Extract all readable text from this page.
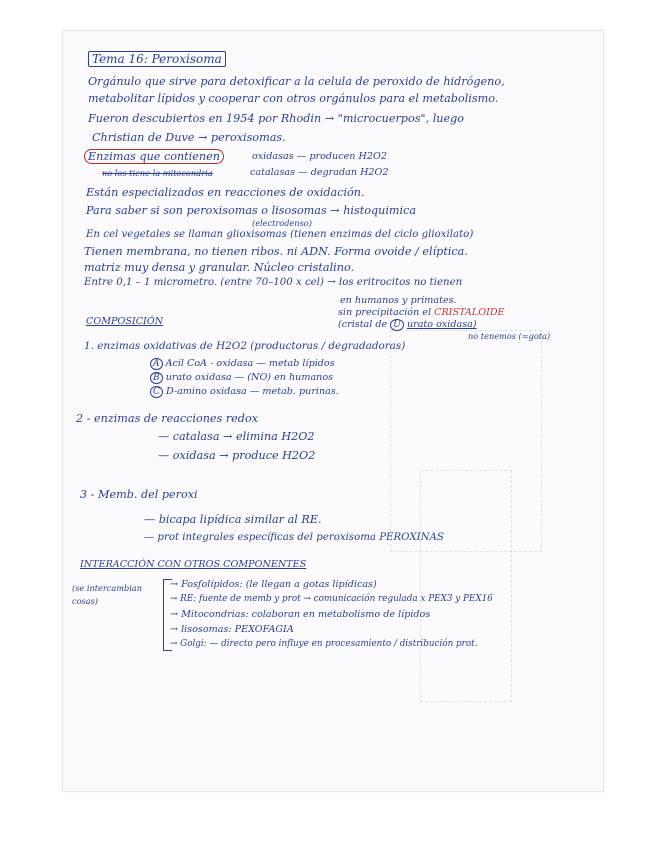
Tema 16: Peroxisoma
Orgánulo que sirve para detoxificar a la celula de peroxido de hidrógeno,
metabolitar lípidos y cooperar con otros orgánulos para el metabolismo.
Fueron descubiertos en 1954 por Rhodin → "microcuerpos", luego
Christian de Duve → peroxisomas.
Enzimas que contienen	oxidasas — producen H2O2
catalasas — degradan H2O2
no los tiene la mitocondria
Están especializados en reacciones de oxidación.
Para saber si son peroxisomas o lisosomas → histoquimica
(electrodenso)
En cel vegetales se llaman glioxisomas (tienen enzimas del ciclo glioxilato)
Tienen membrana, no tienen ribos. ni ADN. Forma ovoide / elíptica.
matriz muy densa y granular. Núcleo cristalino.
Entre 0,1 – 1 micrometro. (entre 70–100 x cel) → los eritrocitos no tienen
en humanos y primates.
sin precipitación el CRISTALOIDE
(cristal de U urato oxidasa)
no tenemos (=gota)
COMPOSICIÓN
1. enzimas oxidativas de H2O2 (productoras / degradadoras)
A Acil CoA - oxidasa — metab lípidos
B urato oxidasa — (NO) en humanos
C D-amino oxidasa — metab. purinas.
2 - enzimas de reacciones redox
— catalasa → elimina H2O2
— oxidasa → produce H2O2
3 - Memb. del peroxi
— bicapa lipídica similar al RE.
— prot integrales específicas del peroxisoma PEROXINAS
INTERACCIÓN CON OTROS COMPONENTES
(se intercambian cosas)
→ Fosfolípidos: (le llegan a gotas lipídicas)
→ RE: fuente de memb y prot → comunicación regulada x PEX3 y PEX16
→ Mitocondrias: colaboran en metabolismo de lípidos
→ lisosomas: PEXOFAGIA
→ Golgi: — directo pero influye en procesamiento / distribución prot.
